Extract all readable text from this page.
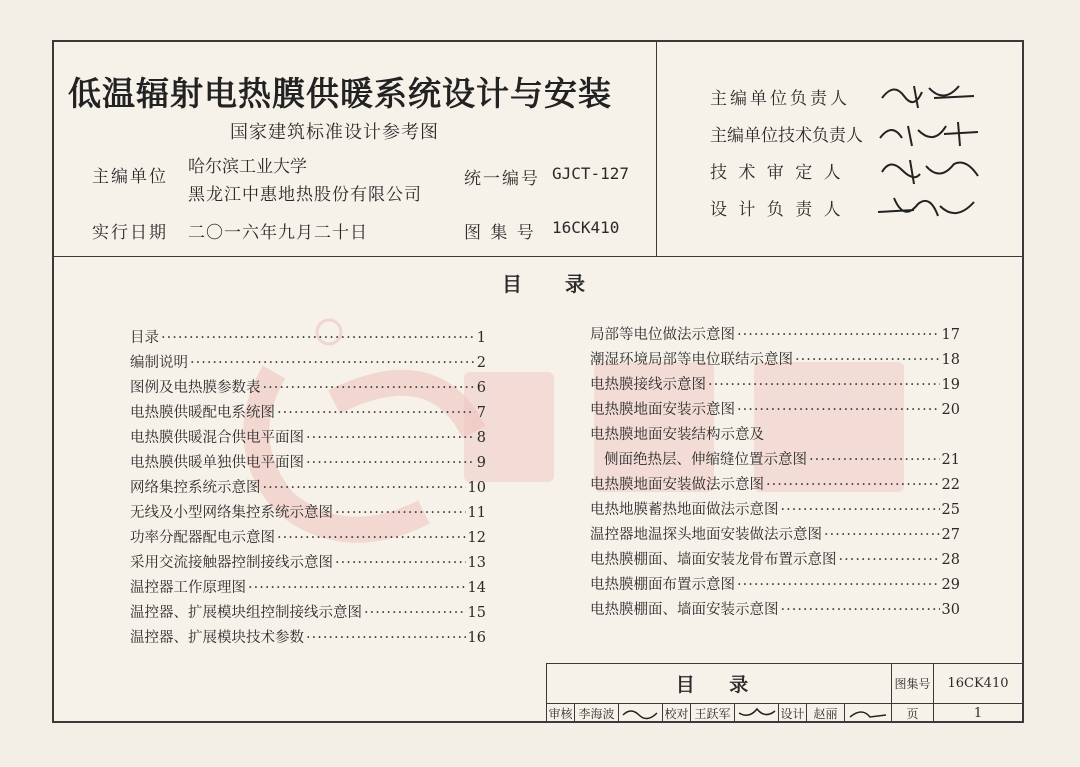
低温辐射电热膜供暖系统设计与安装
国家建筑标准设计参考图
主编单位 哈尔滨工业大学
黑龙江中惠地热股份有限公司
统一编号 GJCT-127
实行日期 二〇一六年九月二十日	图 集 号 16CK410
主编单位负责人
主编单位技术负责人
技 术 审 定 人
设 计 负 责 人
目 录
目录 ·····	1
编制说明 ·····	2
图例及电热膜参数表 ·····	6
电热膜供暖配电系统图 ·····	7
电热膜供暖混合供电平面图 ·····	8
电热膜供暖单独供电平面图 ·····	9
网络集控系统示意图 ·····	10
无线及小型网络集控系统示意图 ·····	11
功率分配器配电示意图 ·····	12
采用交流接触器控制接线示意图 ·····	13
温控器工作原理图 ·····	14
温控器、扩展模块组控制接线示意图 ·····	15
温控器、扩展模块技术参数 ·····	16
局部等电位做法示意图 ·····	17
潮湿环境局部等电位联结示意图 ·····	18
电热膜接线示意图 ·····	19
电热膜地面安装示意图 ·····	20
电热膜地面安装结构示意及
侧面绝热层、伸缩缝位置示意图 ·····	21
电热膜地面安装做法示意图 ·····	22
电热地膜蓄热地面做法示意图 ·····	25
温控器地温探头地面安装做法示意图 ·····	27
电热膜棚面、墙面安装龙骨布置示意图 ·····	28
电热膜棚面布置示意图 ·····	29
电热膜棚面、墙面安装示意图 ·····	30
目 录	图集号	16CK410
审核 李海波	校对 王跃军	设计 赵丽	页	1
